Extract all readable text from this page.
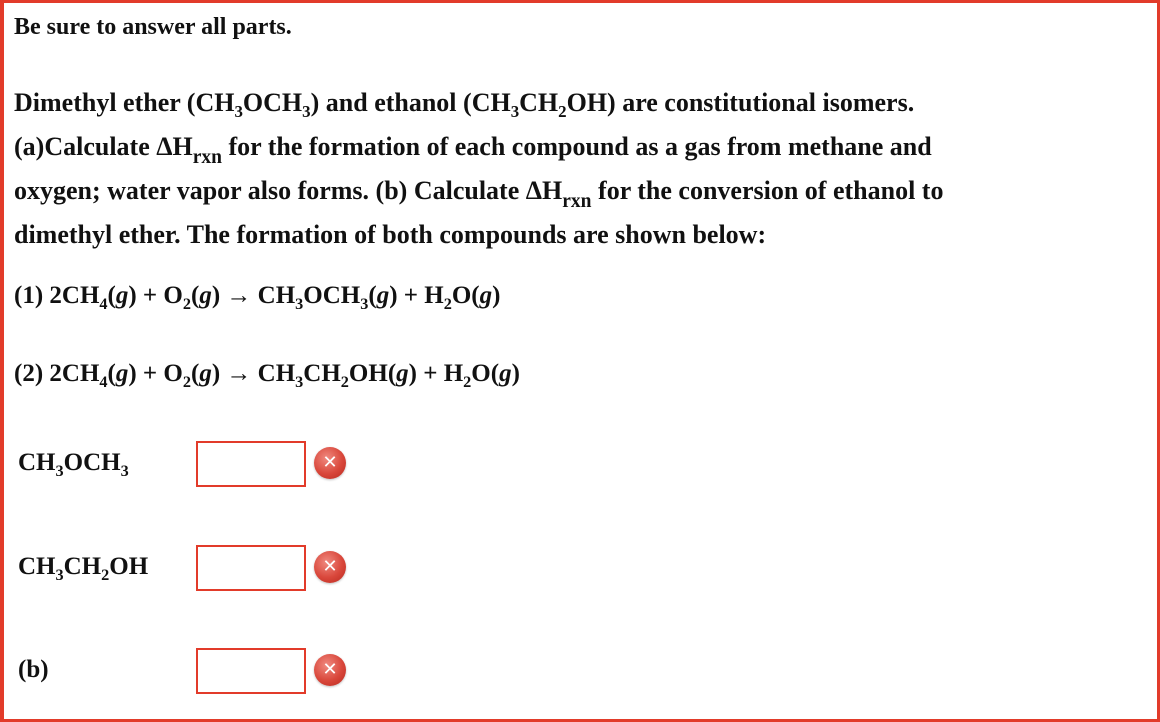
Be sure to answer all parts.

Dimethyl ether $(CH_3OCH_3)$ and ethanol $(CH_3CH_2OH)$ are constitutional isomers.
(a)Calculate $\Delta H_{rxn}$ for the formation of each compound as a gas from methane and
oxygen; water vapor also forms. (b) Calculate $\Delta H_{rxn}$ for the conversion of ethanol to
dimethyl ether. The formation of both compounds are shown below:

(1) $2CH_4(g) + O_2(g) \to CH_3OCH_3(g) + H_2O(g)$
(2) $2CH_4(g) + O_2(g) \to CH_3CH_2OH(g) + H_2O(g)$
$CH_3OCH_3$	✕
$CH_3CH_2OH$	✕
(b)	✕
